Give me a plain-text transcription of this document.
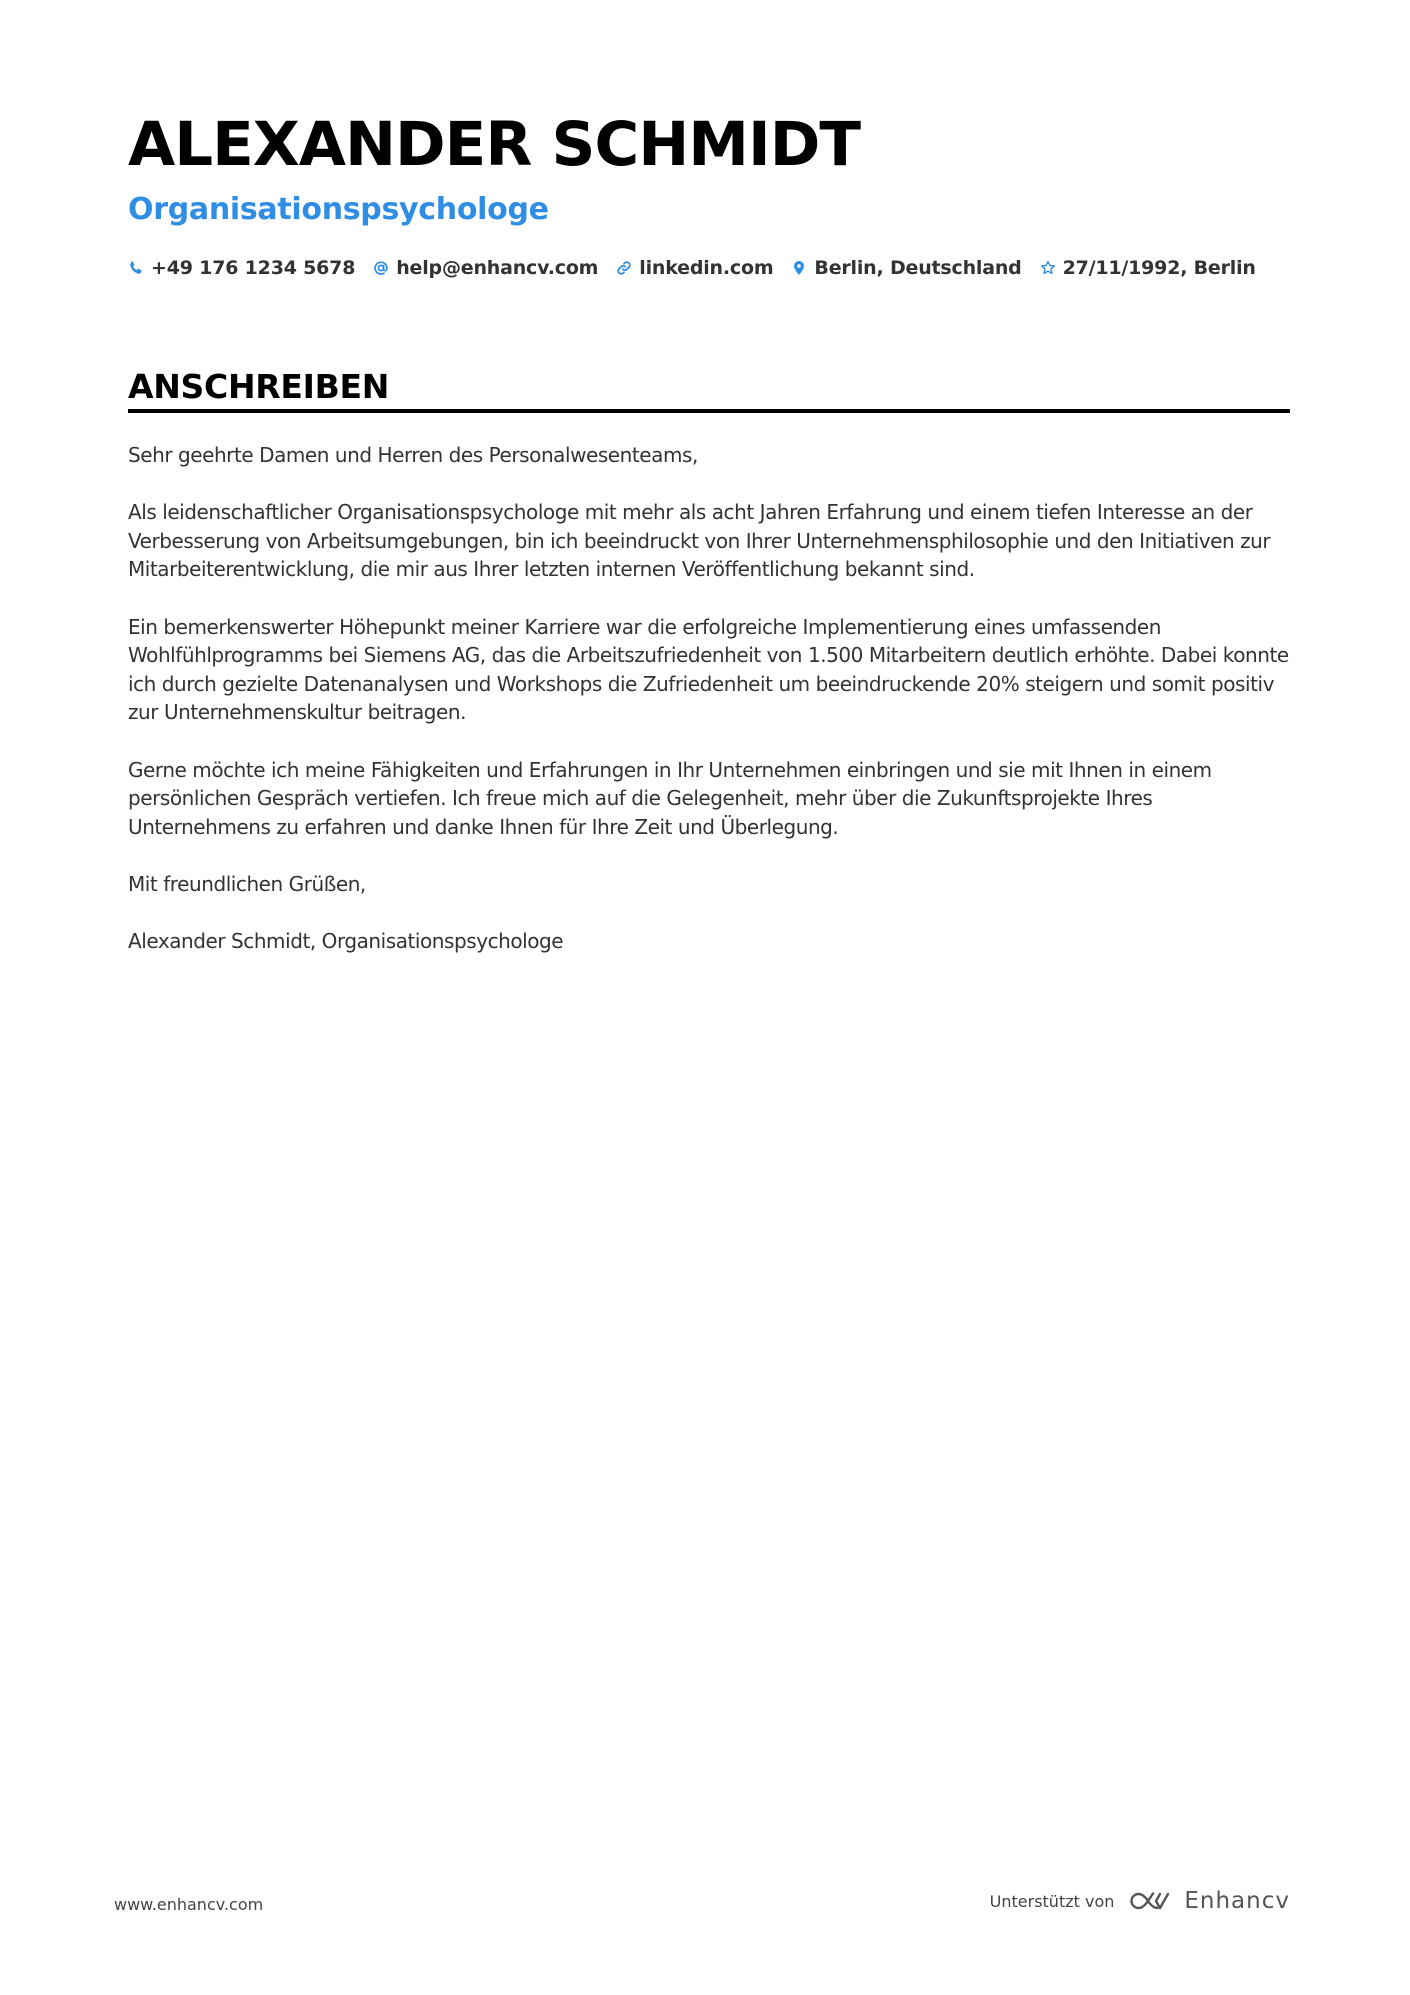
ALEXANDER SCHMIDT
Organisationspsychologe
+49 176 1234 5678 help@enhancv.com linkedin.com Berlin, Deutschland 27/11/1992, Berlin
ANSCHREIBEN

Sehr geehrte Damen und Herren des Personalwesenteams,

Als leidenschaftlicher Organisationspsychologe mit mehr als acht Jahren Erfahrung und einem tiefen Interesse an der Verbesserung von Arbeitsumgebungen, bin ich beeindruckt von Ihrer Unternehmensphilosophie und den Initiativen zur Mitarbeiterentwicklung, die mir aus Ihrer letzten internen Veröffentlichung bekannt sind.

Ein bemerkenswerter Höhepunkt meiner Karriere war die erfolgreiche Implementierung eines umfassenden Wohlfühlprogramms bei Siemens AG, das die Arbeitszufriedenheit von 1.500 Mitarbeitern deutlich erhöhte. Dabei konnte ich durch gezielte Datenanalysen und Workshops die Zufriedenheit um beeindruckende 20% steigern und somit positiv zur Unternehmenskultur beitragen.

Gerne möchte ich meine Fähigkeiten und Erfahrungen in Ihr Unternehmen einbringen und sie mit Ihnen in einem persönlichen Gespräch vertiefen. Ich freue mich auf die Gelegenheit, mehr über die Zukunftsprojekte Ihres Unternehmens zu erfahren und danke Ihnen für Ihre Zeit und Überlegung.

Mit freundlichen Grüßen,

Alexander Schmidt, Organisationspsychologe

www.enhancv.com	Unterstützt von	Enhancv
